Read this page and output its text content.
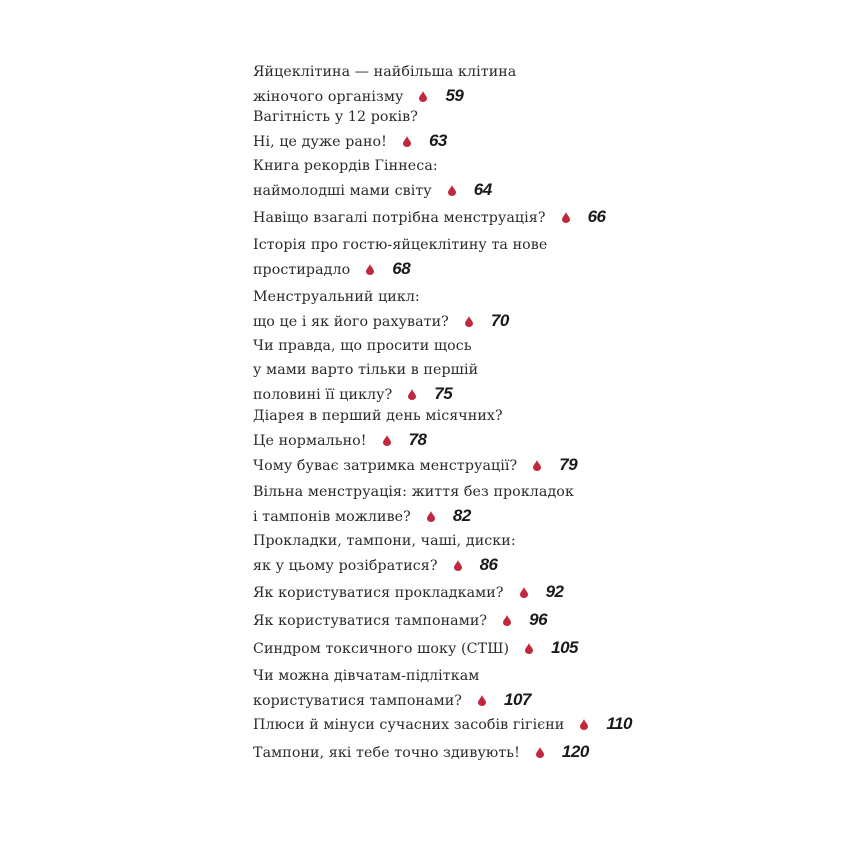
Яйцеклітина — найбільша клітина
жіночого організму 59
Вагітність у 12 років?
Ні, це дуже рано! 63
Книга рекордів Гіннеса:
наймолодші мами світу 64
Навіщо взагалі потрібна менструація? 66
Історія про гостю-яйцеклітину та нове
простирадло 68
Менструальний цикл:
що це і як його рахувати? 70
Чи правда, що просити щось
у мами варто тільки в першій
половині її циклу? 75
Діарея в перший день місячних?
Це нормально! 78
Чому буває затримка менструації? 79
Вільна менструація: життя без прокладок
і тампонів можливе? 82
Прокладки, тампони, чаші, диски:
як у цьому розібратися? 86
Як користуватися прокладками? 92
Як користуватися тампонами? 96
Синдром токсичного шоку (СТШ) 105
Чи можна дівчатам-підліткам
користуватися тампонами? 107
Плюси й мінуси сучасних засобів гігієни 110
Тампони, які тебе точно здивують! 120
